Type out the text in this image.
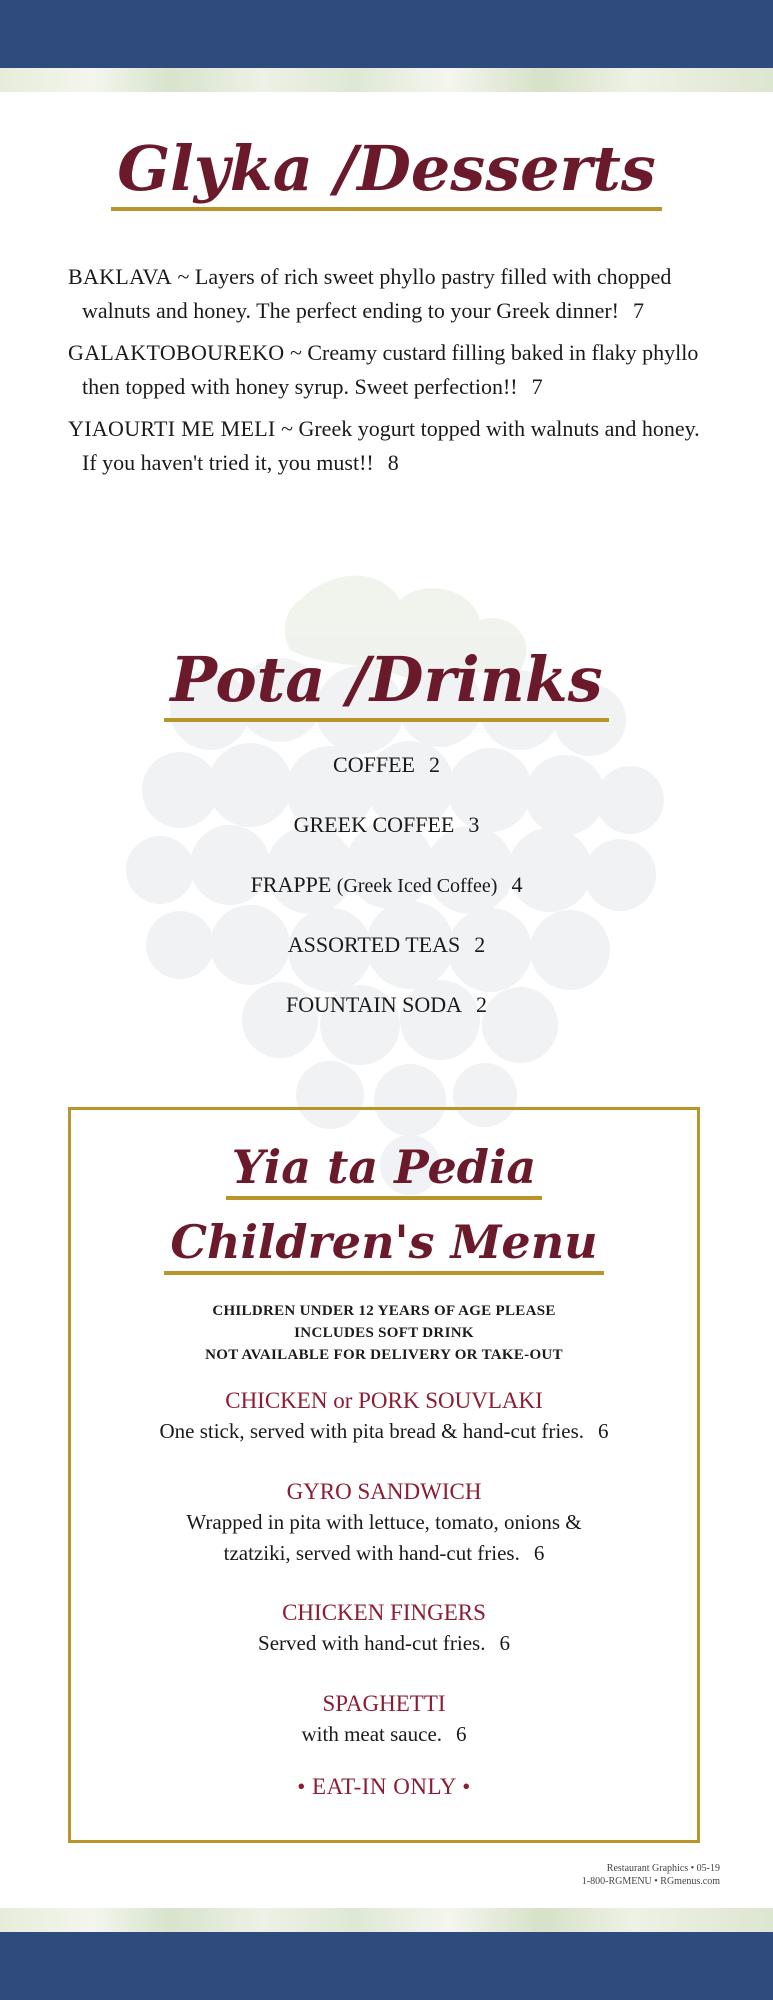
Glyka /Desserts
BAKLAVA ~ Layers of rich sweet phyllo pastry filled with chopped walnuts and honey. The perfect ending to your Greek dinner! 7
GALAKTOBOUREKO ~ Creamy custard filling baked in flaky phyllo then topped with honey syrup. Sweet perfection!! 7
YIAOURTI ME MELI ~ Greek yogurt topped with walnuts and honey. If you haven't tried it, you must!! 8
Pota /Drinks
COFFEE 2
GREEK COFFEE 3
FRAPPE (Greek Iced Coffee) 4
ASSORTED TEAS 2
FOUNTAIN SODA 2
Yia ta Pedia
Children's Menu
CHILDREN UNDER 12 YEARS OF AGE PLEASE
INCLUDES SOFT DRINK
NOT AVAILABLE FOR DELIVERY OR TAKE-OUT
CHICKEN or PORK SOUVLAKI
One stick, served with pita bread & hand-cut fries. 6
GYRO SANDWICH
Wrapped in pita with lettuce, tomato, onions & tzatziki, served with hand-cut fries. 6
CHICKEN FINGERS
Served with hand-cut fries. 6
SPAGHETTI
with meat sauce. 6
• EAT-IN ONLY •
Restaurant Graphics • 05-19
1-800-RGMENU • RGmenus.com
